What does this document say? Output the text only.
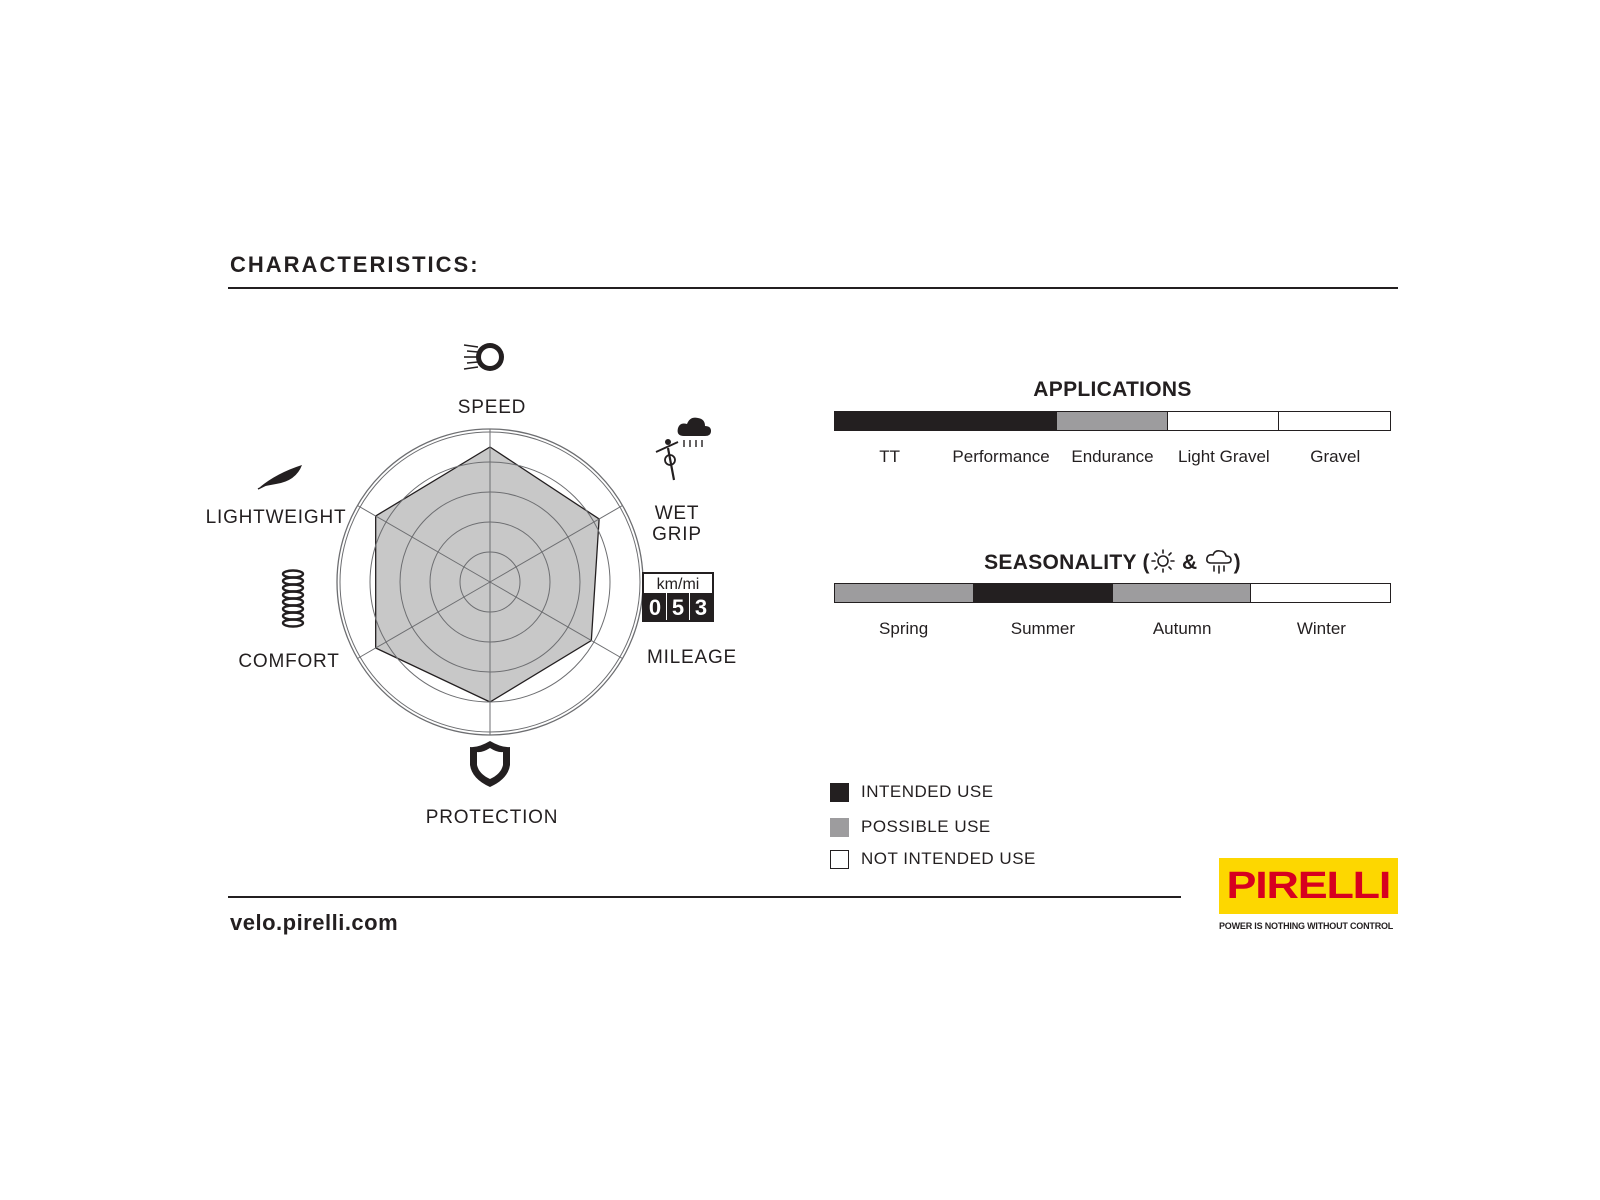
CHARACTERISTICS:
km/mi
0 5 3
SPEED
WET
GRIP
MILEAGE
PROTECTION
COMFORT
LIGHTWEIGHT
APPLICATIONS
TT	Performance	Endurance	Light Gravel	Gravel
SEASONALITY ( & )
Spring	Summer	Autumn	Winter
INTENDED USE
POSSIBLE USE
NOT INTENDED USE
velo.pirelli.com
PIRELLI
POWER IS NOTHING WITHOUT CONTROL
